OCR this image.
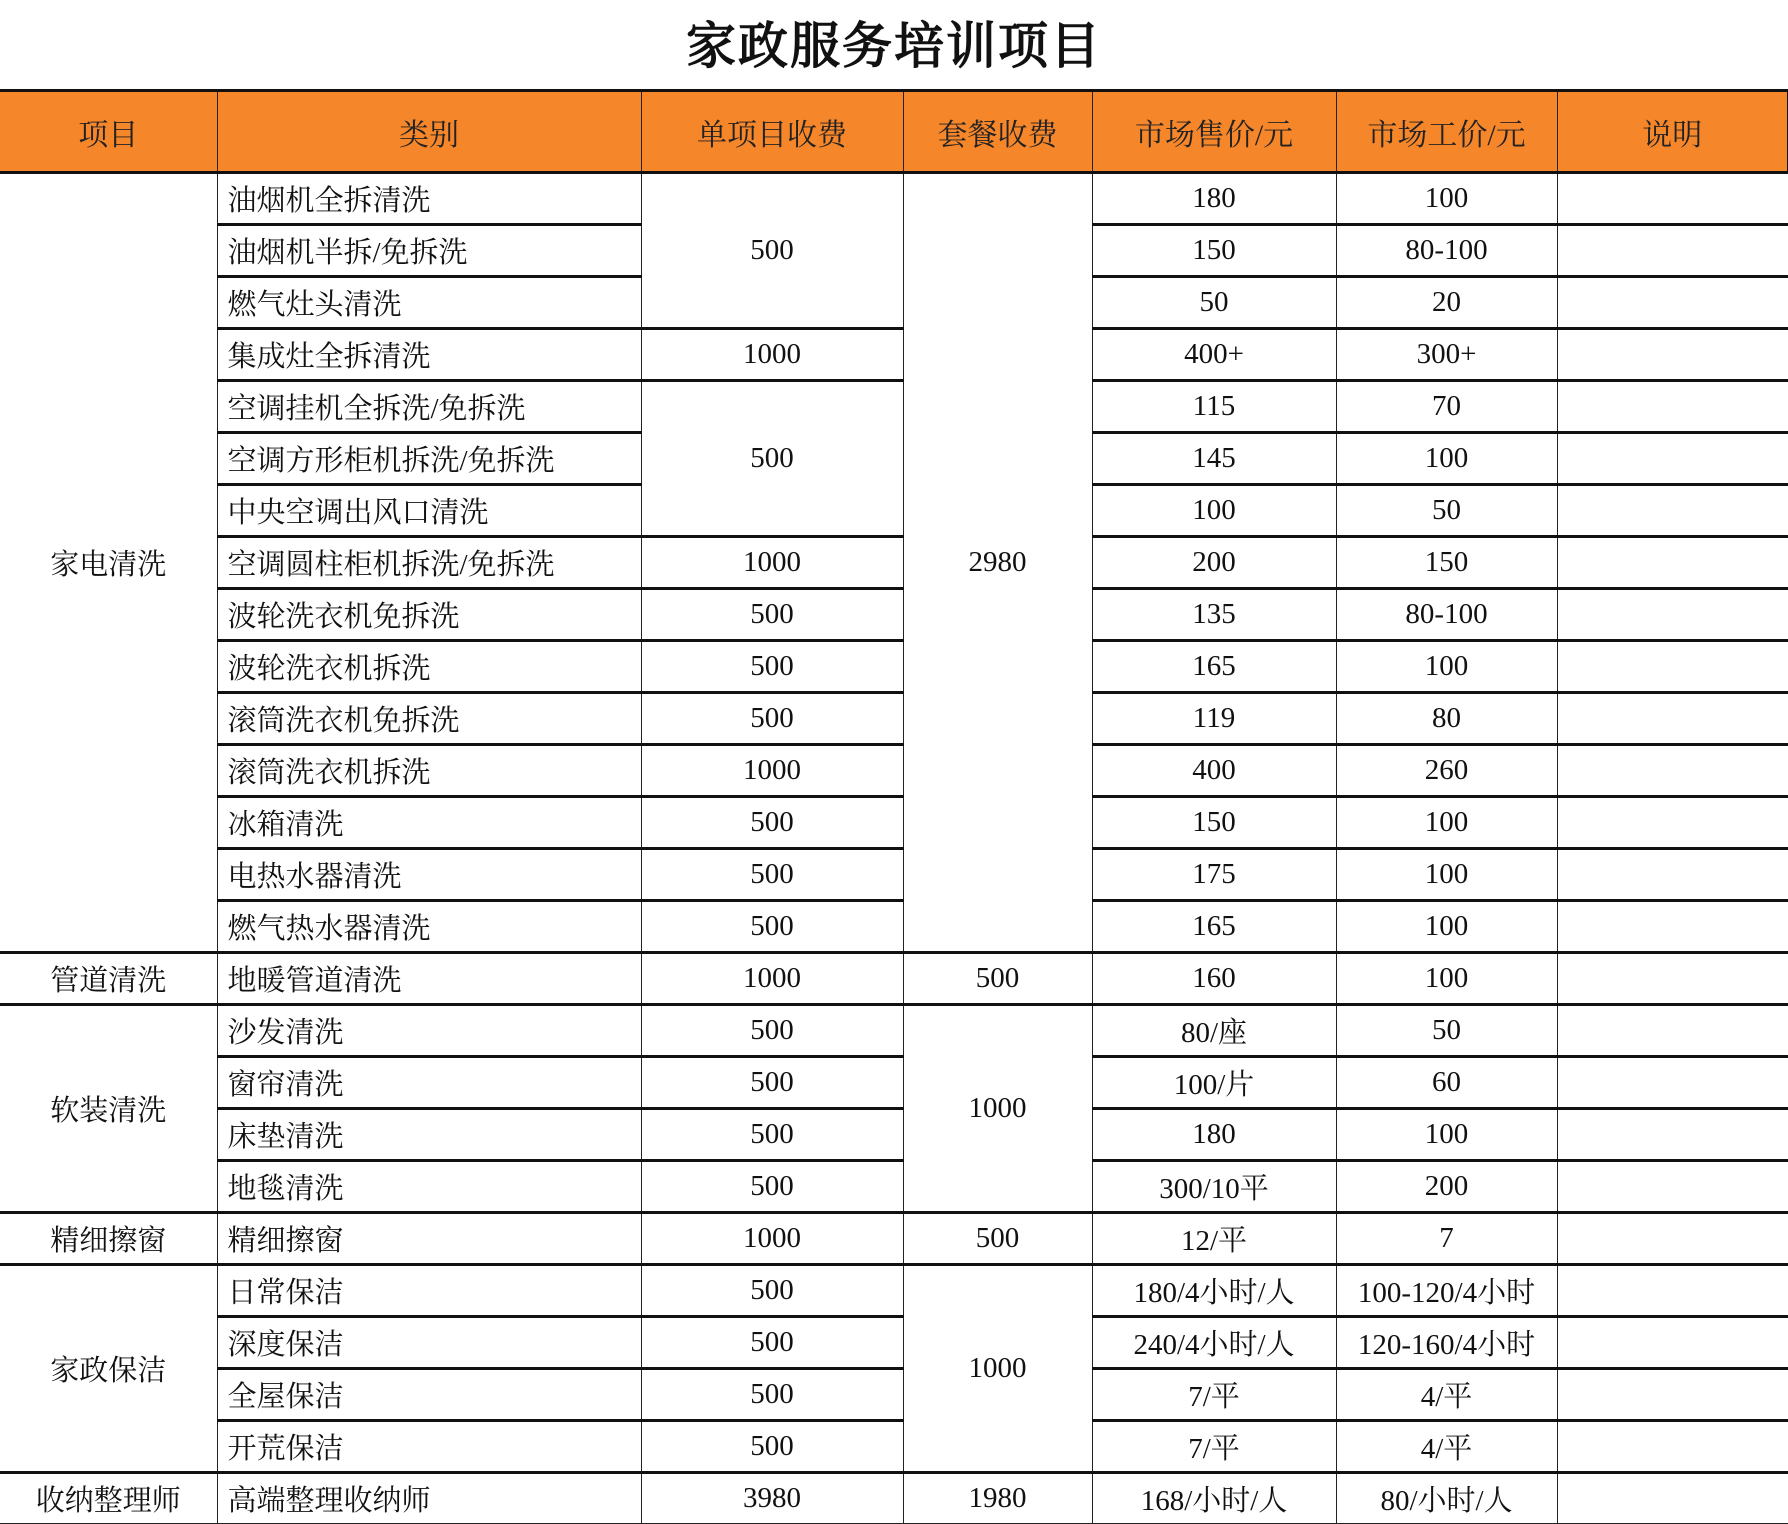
家政服务培训项目
项目	类别	单项目收费	套餐收费	市场售价/元	市场工价/元	说明
家电清洗	油烟机全拆清洗	500	2980	180	100	
	油烟机半拆/免拆洗			150	80-100	
	燃气灶头清洗			50	20	
	集成灶全拆清洗	1000		400+	300+	
	空调挂机全拆洗/免拆洗	500		115	70	
	空调方形柜机拆洗/免拆洗			145	100	
	中央空调出风口清洗			100	50	
	空调圆柱柜机拆洗/免拆洗	1000		200	150	
	波轮洗衣机免拆洗	500		135	80-100	
	波轮洗衣机拆洗	500		165	100	
	滚筒洗衣机免拆洗	500		119	80	
	滚筒洗衣机拆洗	1000		400	260	
	冰箱清洗	500		150	100	
	电热水器清洗	500		175	100	
	燃气热水器清洗	500		165	100	
管道清洗	地暖管道清洗	1000	500	160	100	
软装清洗	沙发清洗	500	1000	80/座	50	
	窗帘清洗	500		100/片	60	
	床垫清洗	500		180	100	
	地毯清洗	500		300/10平	200	
精细擦窗	精细擦窗	1000	500	12/平	7	
家政保洁	日常保洁	500	1000	180/4小时/人	100-120/4小时	
	深度保洁	500		240/4小时/人	120-160/4小时	
	全屋保洁	500		7/平	4/平	
	开荒保洁	500		7/平	4/平	
收纳整理师	高端整理收纳师	3980	1980	168/小时/人	80/小时/人	
